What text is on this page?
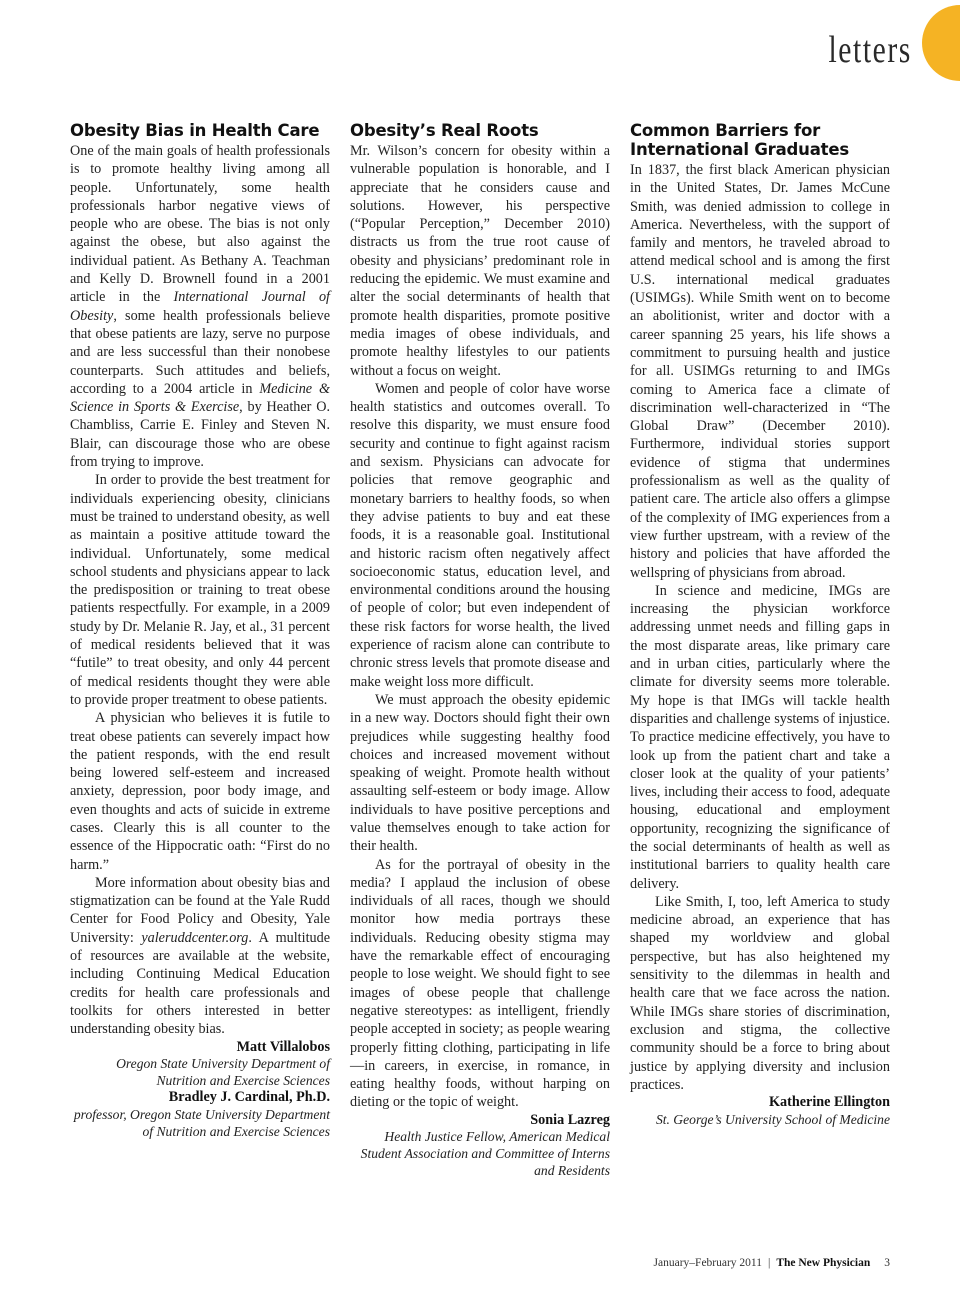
letters
Obesity Bias in Health Care

One of the main goals of health professionals is to promote healthy living among all people. Unfortunately, some health professionals harbor negative views of people who are obese. The bias is not only against the obese, but also against the individual patient. As Bethany A. Teachman and Kelly D. Brownell found in a 2001 article in the International Journal of Obesity, some health professionals believe that obese patients are lazy, serve no purpose and are less successful than their nonobese counterparts. Such attitudes and beliefs, according to a 2004 article in Medicine & Science in Sports & Exercise, by Heather O. Chambliss, Carrie E. Finley and Steven N. Blair, can discourage those who are obese from trying to improve.

In order to provide the best treatment for individuals experiencing obesity, clinicians must be trained to understand obesity, as well as maintain a positive attitude toward the individual. Unfortunately, some medical school students and physicians appear to lack the predisposition or training to treat obese patients respectfully. For example, in a 2009 study by Dr. Melanie R. Jay, et al., 31 percent of medical residents believed that it was “futile” to treat obesity, and only 44 percent of medical residents thought they were able to provide proper treatment to obese patients.

A physician who believes it is futile to treat obese patients can severely impact how the patient responds, with the end result being lowered self-esteem and increased anxiety, depression, poor body image, and even thoughts and acts of suicide in extreme cases. Clearly this is all counter to the essence of the Hippocratic oath: “First do no harm.”

More information about obesity bias and stigmatization can be found at the Yale Rudd Center for Food Policy and Obesity, Yale University: yaleruddcenter.org. A multitude of resources are available at the website, including Continuing Medical Education credits for health care professionals and toolkits for others interested in better understanding obesity bias.

Matt Villalobos

Oregon State University Department of Nutrition and Exercise Sciences

Bradley J. Cardinal, Ph.D.

professor, Oregon State University Department of Nutrition and Exercise Sciences

Obesity’s Real Roots

Mr. Wilson’s concern for obesity within a vulnerable population is honorable, and I appreciate that he considers cause and solutions. However, his perspective (“Popular Perception,” December 2010) distracts us from the true root cause of obesity and physicians’ predominant role in reducing the epidemic. We must examine and alter the social determinants of health that promote health disparities, promote positive media images of obese individuals, and promote healthy lifestyles to our patients without a focus on weight.

Women and people of color have worse health statistics and outcomes overall. To resolve this disparity, we must ensure food security and continue to fight against racism and sexism. Physicians can advocate for policies that remove geographic and monetary barriers to healthy foods, so when they advise patients to buy and eat these foods, it is a reasonable goal. Institutional and historic racism often negatively affect socioeconomic status, education level, and environmental conditions around the housing of people of color; but even independent of these risk factors for worse health, the lived experience of racism alone can contribute to chronic stress levels that promote disease and make weight loss more difficult.

We must approach the obesity epidemic in a new way. Doctors should fight their own prejudices while suggesting healthy food choices and increased movement without speaking of weight. Promote health without assaulting self-esteem or body image. Allow individuals to have positive perceptions and value themselves enough to take action for their health.

As for the portrayal of obesity in the media? I applaud the inclusion of obese individuals of all races, though we should monitor how media portrays these individuals. Reducing obesity stigma may have the remarkable effect of encouraging people to lose weight. We should fight to see images of obese people that challenge negative stereotypes: as intelligent, friendly people accepted in society; as people wearing properly fitting clothing, participating in life—in careers, in exercise, in romance, in eating healthy foods, without harping on dieting or the topic of weight.

Sonia Lazreg

Health Justice Fellow, American Medical Student Association and Committee of Interns and Residents

Common Barriers for International Graduates

In 1837, the first black American physician in the United States, Dr. James McCune Smith, was denied admission to college in America. Nevertheless, with the support of family and mentors, he traveled abroad to attend medical school and is among the first U.S. international medical graduates (USIMGs). While Smith went on to become an abolitionist, writer and doctor with a career spanning 25 years, his life shows a commitment to pursuing health and justice for all. USIMGs returning to and IMGs coming to America face a climate of discrimination well-characterized in “The Global Draw” (December 2010). Furthermore, individual stories support evidence of stigma that undermines professionalism as well as the quality of patient care. The article also offers a glimpse of the complexity of IMG experiences from a view further upstream, with a review of the history and policies that have afforded the wellspring of physicians from abroad.

In science and medicine, IMGs are increasing the physician workforce addressing unmet needs and filling gaps in the most disparate areas, like primary care and in urban cities, particularly where the climate for diversity seems more tolerable. My hope is that IMGs will tackle health disparities and challenge systems of injustice. To practice medicine effectively, you have to look up from the patient chart and take a closer look at the quality of your patients’ lives, including their access to food, adequate housing, educational and employment opportunity, recognizing the significance of the social determinants of health as well as institutional barriers to quality health care delivery.

Like Smith, I, too, left America to study medicine abroad, an experience that has shaped my worldview and global perspective, but has also heightened my sensitivity to the dilemmas in health and health care that we face across the nation. While IMGs share stories of discrimination, exclusion and stigma, the collective community should be a force to bring about justice by applying diversity and inclusion practices.

Katherine Ellington

St. George’s University School of Medicine

January–February 2011 | The New Physician 3
